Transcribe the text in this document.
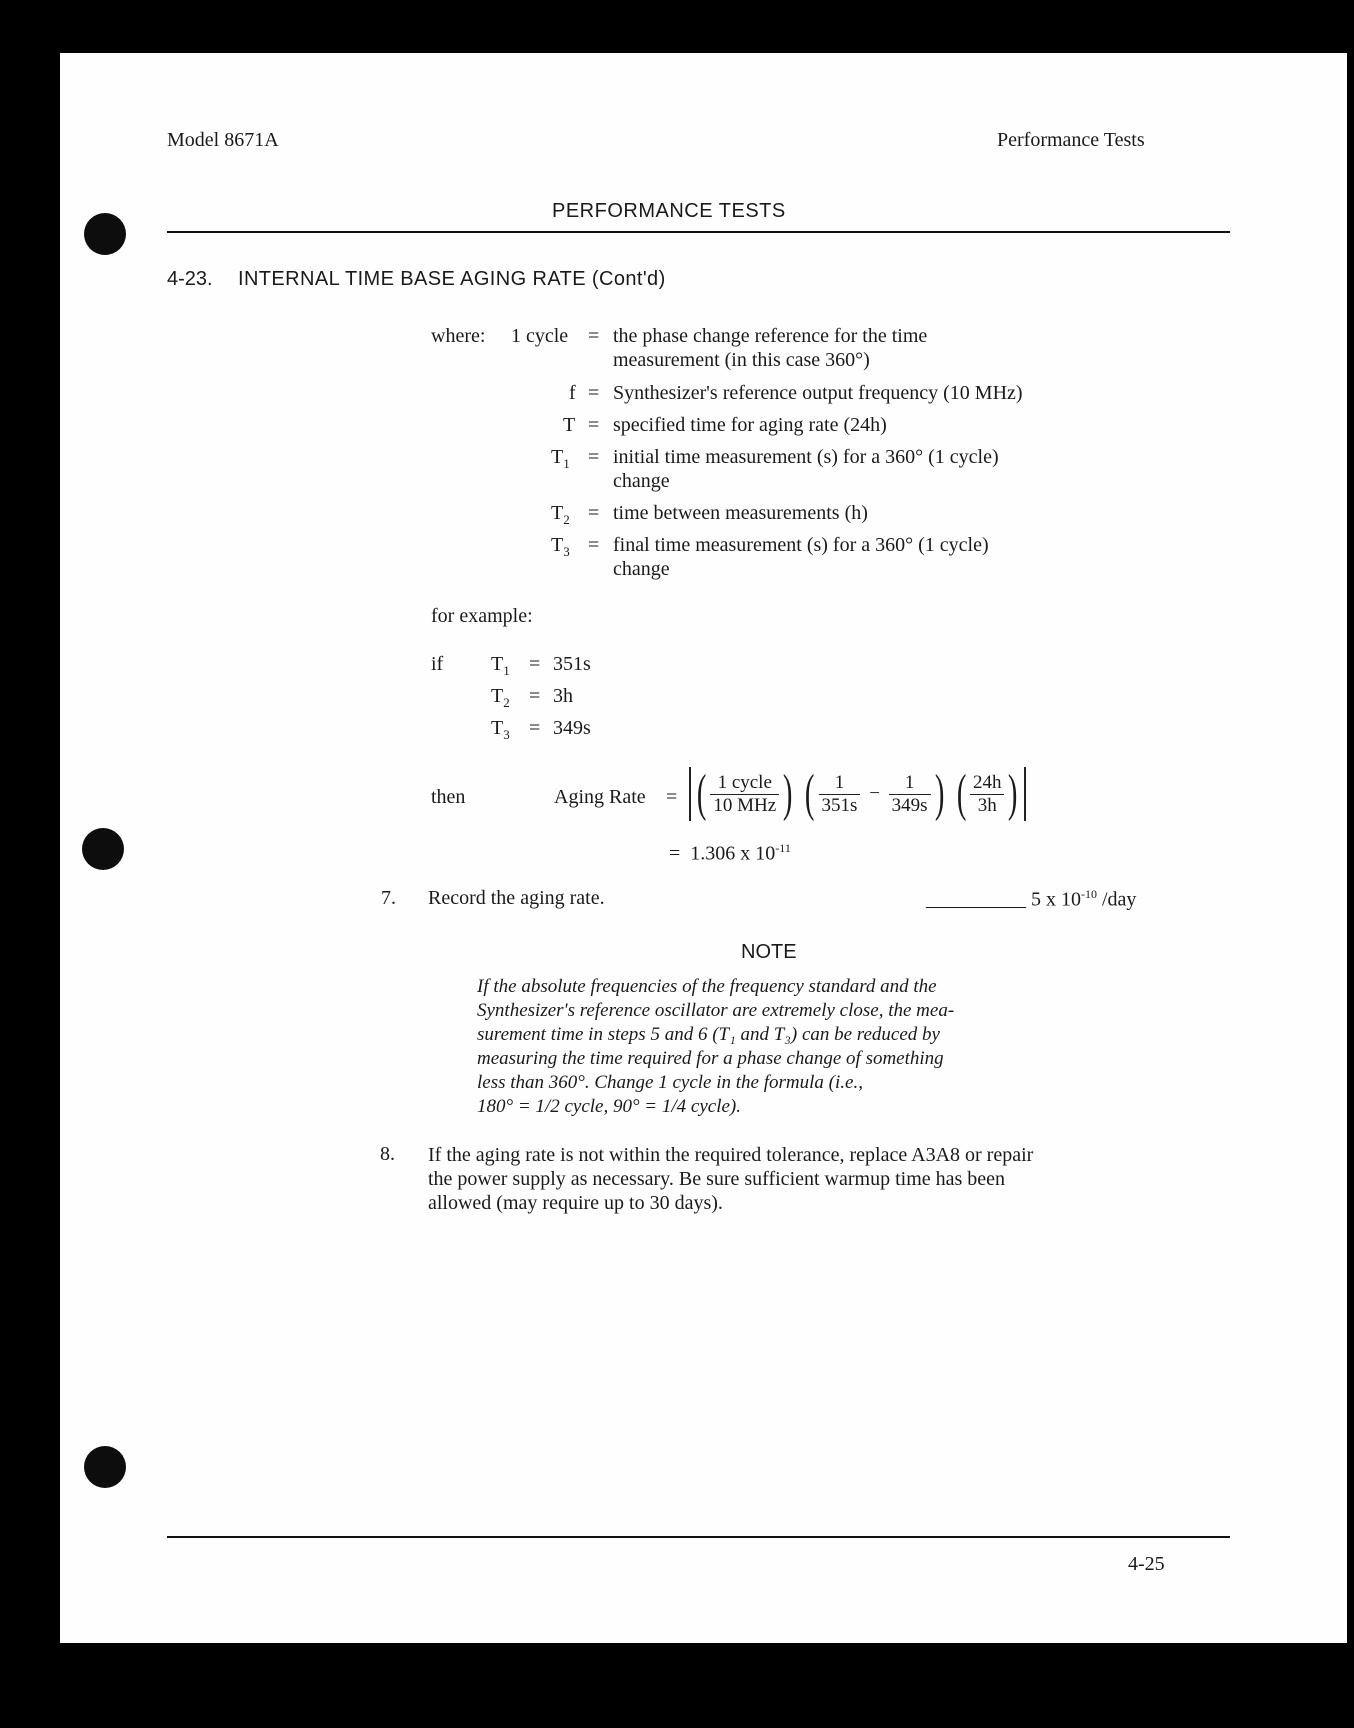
Model 8671A	Performance Tests
PERFORMANCE TESTS
4-23. INTERNAL TIME BASE AGING RATE (Cont'd)
where: 1 cycle = the phase change reference for the time
measurement (in this case 360°)
f = Synthesizer's reference output frequency (10 MHz)
T = specified time for aging rate (24h)
$T_1$ = initial time measurement (s) for a 360° (1 cycle)
change
$T_2$ = time between measurements (h)
$T_3$ = final time measurement (s) for a 360° (1 cycle)
change
for example:
if $T_1 = 351s$
$T_2 = 3h$
$T_3 = 349s$
then	Aging Rate = ( $\frac{\text{1 cycle}}{\text{10 MHz}}$ ) ( $\frac{1}{351s} - \frac{1}{349s}$ ) ( $\frac{24h}{3h}$ )
= 1.306 x $10^{-11}$
7. Record the aging rate.	__________ 5 x $10^{-10}$ /day
NOTE
If the absolute frequencies of the frequency standard and the
Synthesizer's reference oscillator are extremely close, the mea-
surement time in steps 5 and 6 (T₁ and T₃) can be reduced by
measuring the time required for a phase change of something
less than 360°. Change 1 cycle in the formula (i.e.,
180° = 1/2 cycle, 90° = 1/4 cycle).
8. If the aging rate is not within the required tolerance, replace A3A8 or repair
the power supply as necessary. Be sure sufficient warmup time has been
allowed (may require up to 30 days).
4-25
